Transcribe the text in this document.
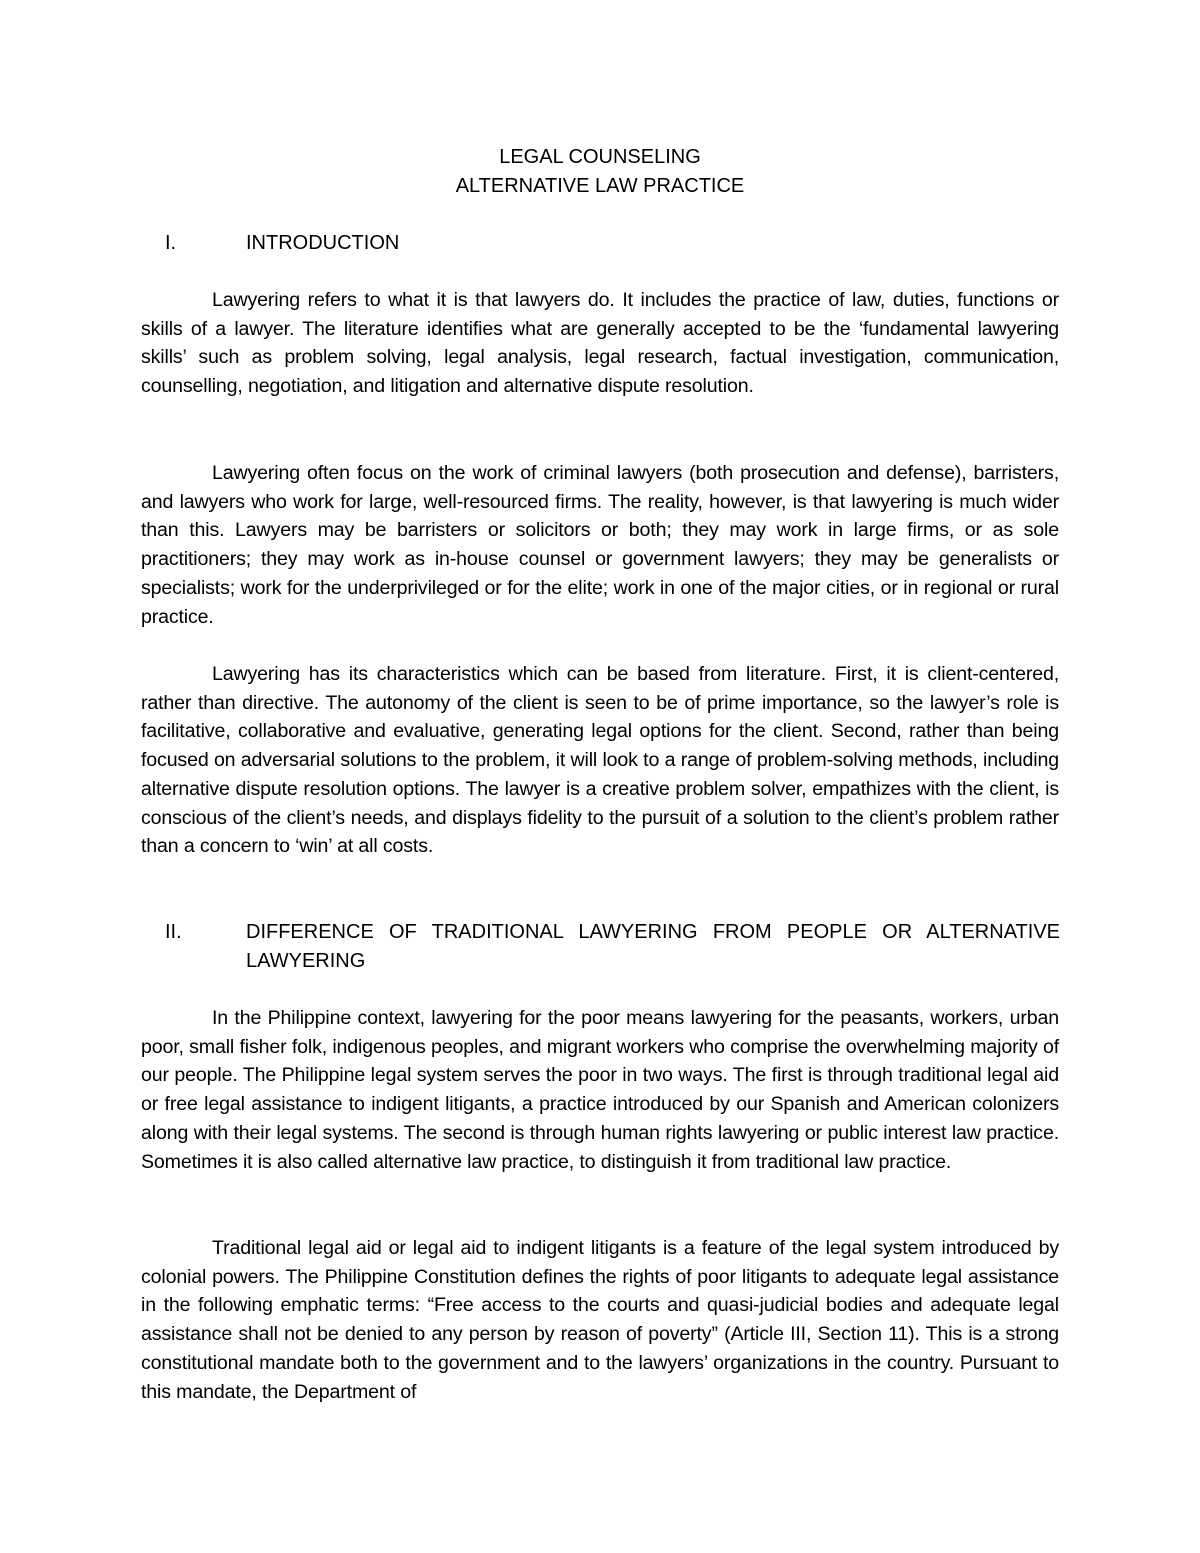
LEGAL COUNSELING
ALTERNATIVE LAW PRACTICE
I.	INTRODUCTION

Lawyering refers to what it is that lawyers do. It includes the practice of law, duties, functions or skills of a lawyer. The literature identifies what are generally accepted to be the ‘fundamental lawyering skills’ such as problem solving, legal analysis, legal research, factual investigation, communication, counselling, negotiation, and litigation and alternative dispute resolution.

Lawyering often focus on the work of criminal lawyers (both prosecution and defense), barristers, and lawyers who work for large, well-resourced firms. The reality, however, is that lawyering is much wider than this. Lawyers may be barristers or solicitors or both; they may work in large firms, or as sole practitioners; they may work as in-house counsel or government lawyers; they may be generalists or specialists; work for the underprivileged or for the elite; work in one of the major cities, or in regional or rural practice.

Lawyering has its characteristics which can be based from literature. First, it is client-centered, rather than directive. The autonomy of the client is seen to be of prime importance, so the lawyer’s role is facilitative, collaborative and evaluative, generating legal options for the client. Second, rather than being focused on adversarial solutions to the problem, it will look to a range of problem-solving methods, including alternative dispute resolution options. The lawyer is a creative problem solver, empathizes with the client, is conscious of the client’s needs, and displays fidelity to the pursuit of a solution to the client’s problem rather than a concern to ‘win’ at all costs.

II.	DIFFERENCE OF TRADITIONAL LAWYERING FROM PEOPLE OR ALTERNATIVE LAWYERING

In the Philippine context, lawyering for the poor means lawyering for the peasants, workers, urban poor, small fisher folk, indigenous peoples, and migrant workers who comprise the overwhelming majority of our people. The Philippine legal system serves the poor in two ways. The first is through traditional legal aid or free legal assistance to indigent litigants, a practice introduced by our Spanish and American colonizers along with their legal systems. The second is through human rights lawyering or public interest law practice. Sometimes it is also called alternative law practice, to distinguish it from traditional law practice.

Traditional legal aid or legal aid to indigent litigants is a feature of the legal system introduced by colonial powers. The Philippine Constitution defines the rights of poor litigants to adequate legal assistance in the following emphatic terms: “Free access to the courts and quasi-judicial bodies and adequate legal assistance shall not be denied to any person by reason of poverty” (Article III, Section 11). This is a strong constitutional mandate both to the government and to the lawyers’ organizations in the country. Pursuant to this mandate, the Department of
